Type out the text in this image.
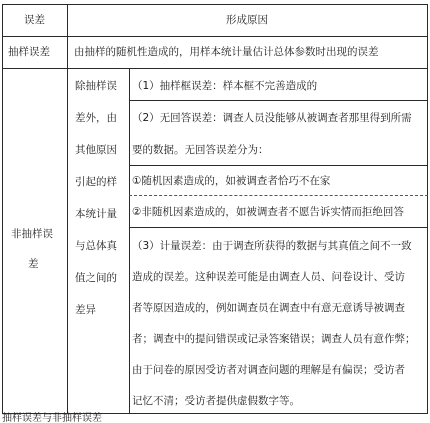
误差	形成原因
抽样误差 由抽样的随机性造成的，用样本统计量估计总体参数时出现的误差
非抽样误
差
除抽样误
差外，由
其他原因
引起的样
本统计量
与总体真
值之间的
差异
（1）抽样框误差：样本框不完善造成的
（2）无回答误差：调查人员没能够从被调查者那里得到所需
要的数据。无回答误差分为：
①随机因素造成的，如被调查者恰巧不在家
②非随机因素造成的，如被调查者不愿告诉实情而拒绝回答
（3）计量误差：由于调查所获得的数据与其真值之间不一致
造成的误差。这种误差可能是由调查人员、问卷设计、受访
者等原因造成的，例如调查员在调查中有意无意诱导被调查
者；调查中的提问错误或记录答案错误；调查人员有意作弊；
由于问卷的原因受访者对调查问题的理解是有偏误；受访者
记忆不清；受访者提供虚假数字等。
抽样误差与非抽样误差
